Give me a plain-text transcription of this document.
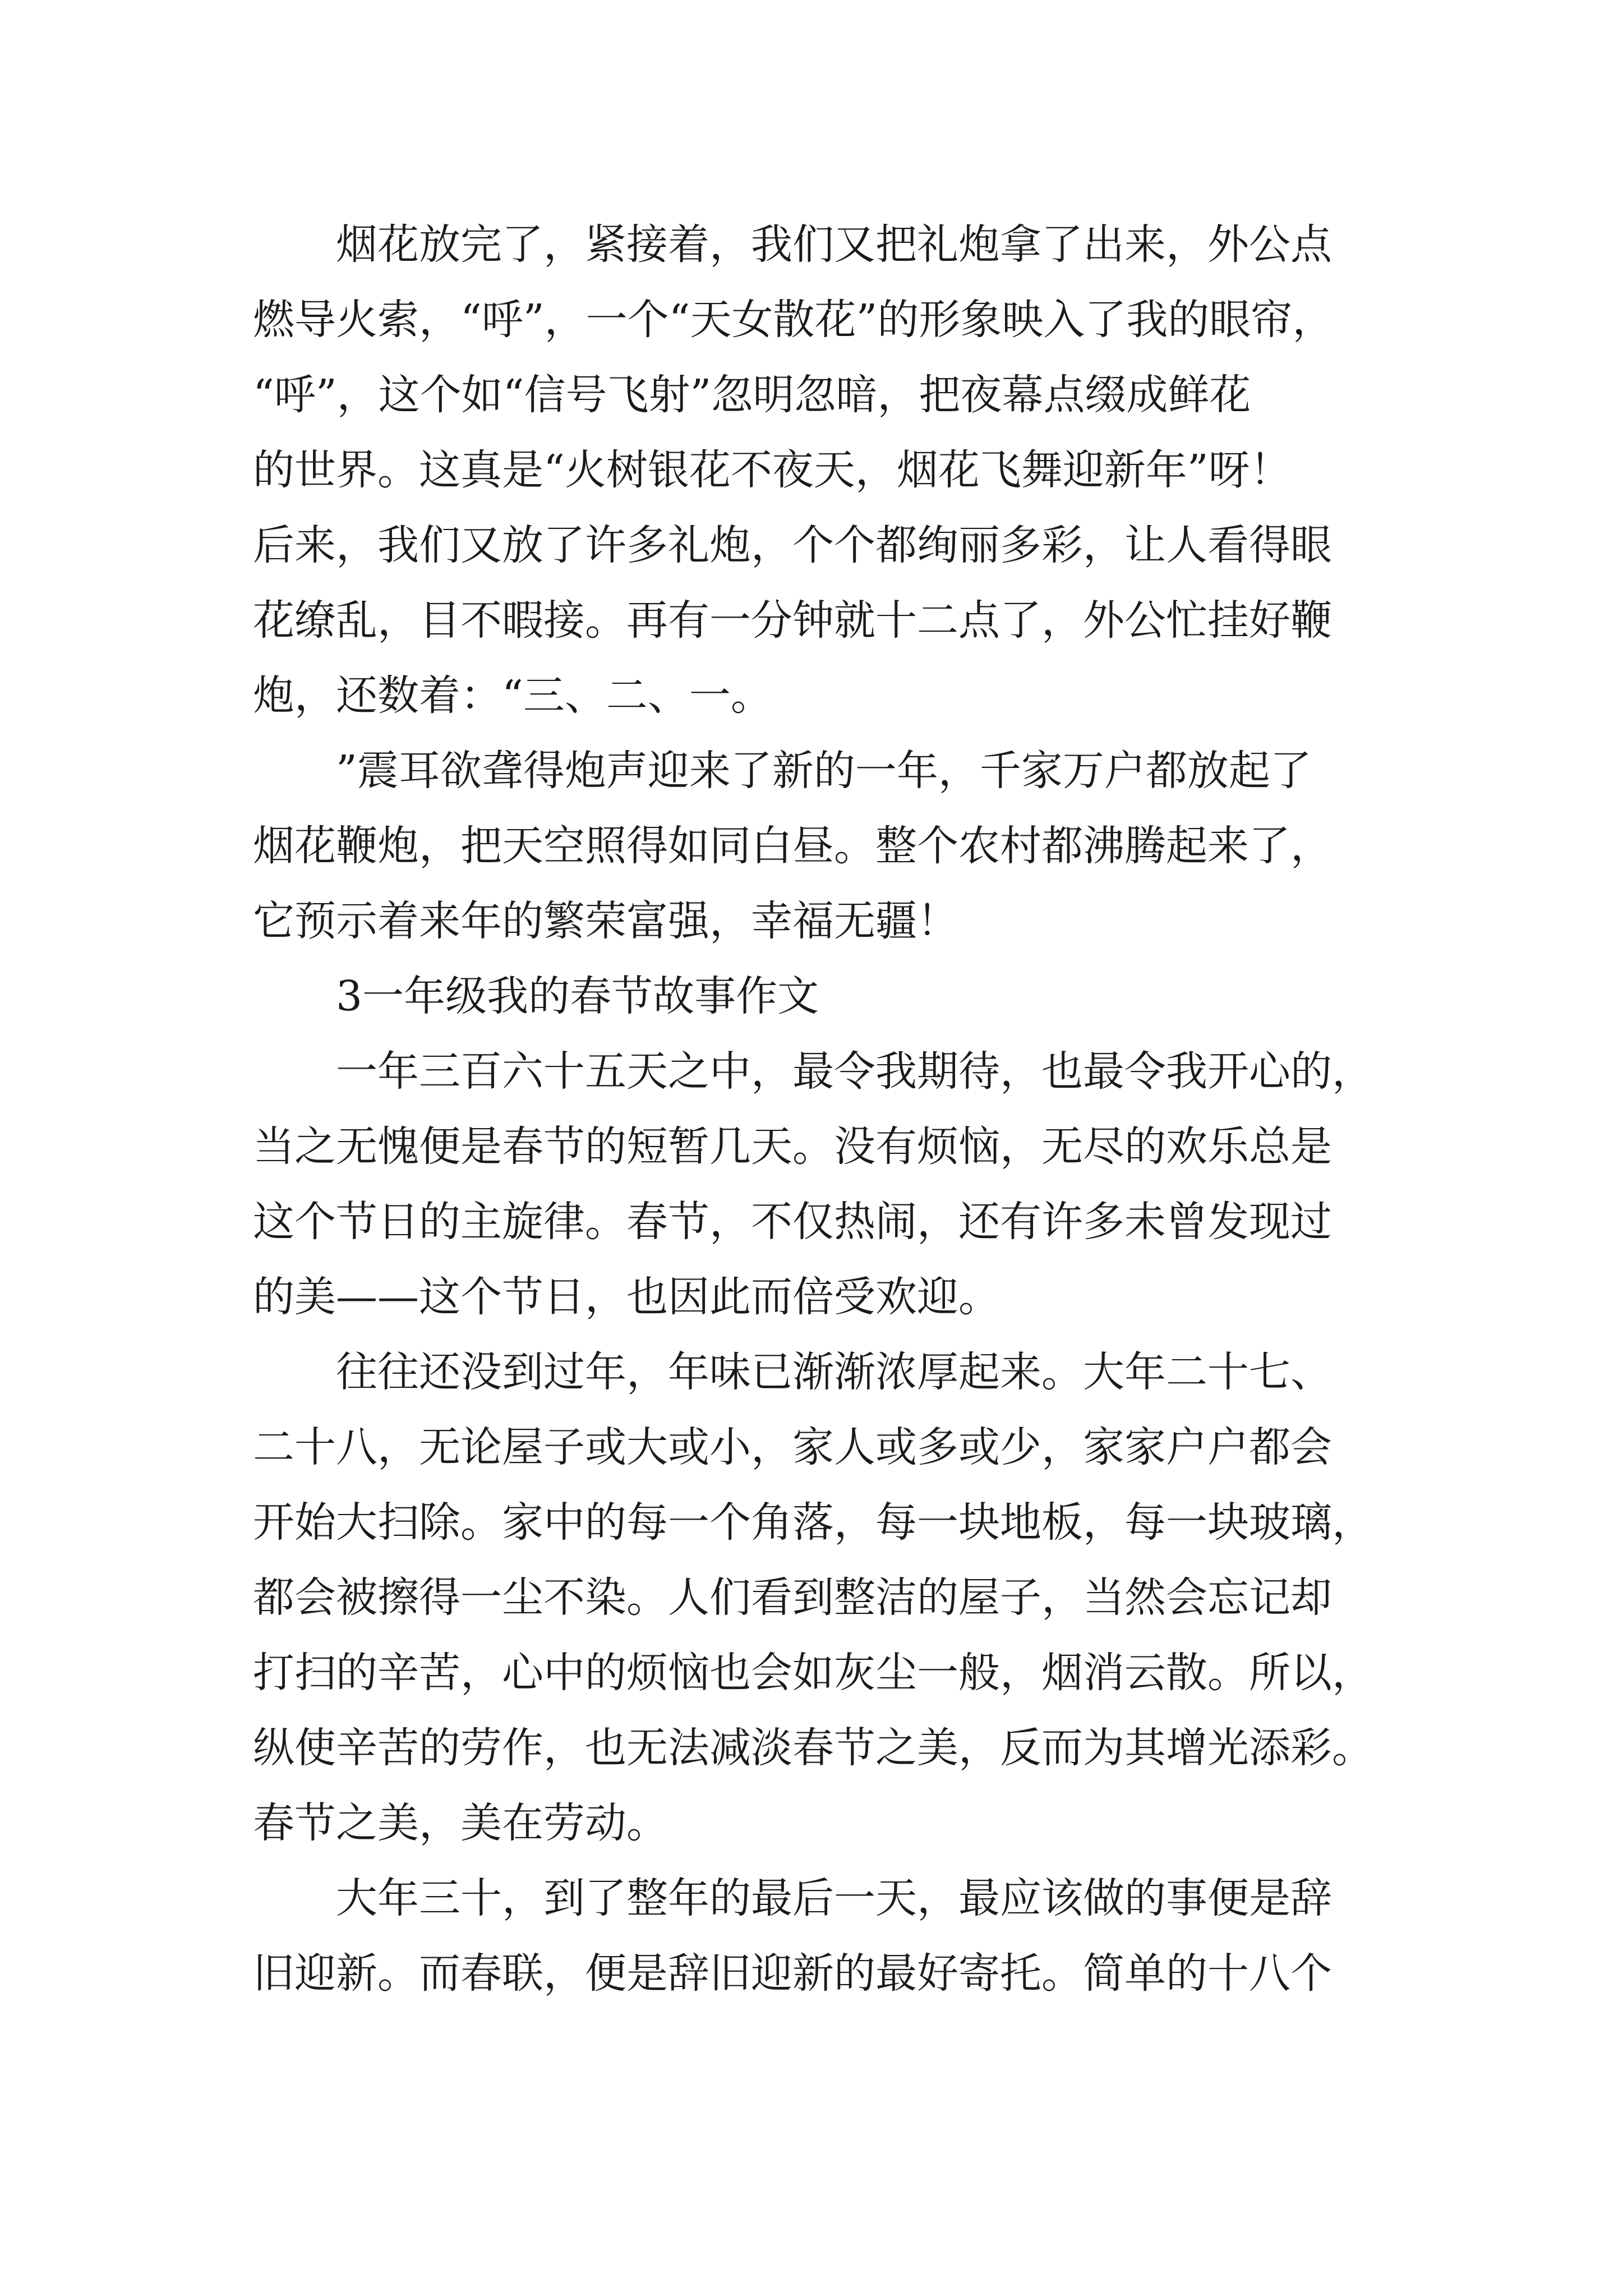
烟花放完了，紧接着，我们又把礼炮拿了出来，外公点
燃导火索，“呼”，一个“天女散花”的形象映入了我的眼帘，
“呼”，这个如“信号飞射”忽明忽暗，把夜幕点缀成鲜花
的世界。这真是“火树银花不夜天，烟花飞舞迎新年”呀！
后来，我们又放了许多礼炮，个个都绚丽多彩，让人看得眼
花缭乱，目不暇接。再有一分钟就十二点了，外公忙挂好鞭
炮，还数着：“三、二、一。
”震耳欲聋得炮声迎来了新的一年，千家万户都放起了
烟花鞭炮，把天空照得如同白昼。整个农村都沸腾起来了，
它预示着来年的繁荣富强，幸福无疆！
3一年级我的春节故事作文
一年三百六十五天之中，最令我期待，也最令我开心的，
当之无愧便是春节的短暂几天。没有烦恼，无尽的欢乐总是
这个节日的主旋律。春节，不仅热闹，还有许多未曾发现过
的美——这个节日，也因此而倍受欢迎。
往往还没到过年，年味已渐渐浓厚起来。大年二十七、
二十八，无论屋子或大或小，家人或多或少，家家户户都会
开始大扫除。家中的每一个角落，每一块地板，每一块玻璃，
都会被擦得一尘不染。人们看到整洁的屋子，当然会忘记却
打扫的辛苦，心中的烦恼也会如灰尘一般，烟消云散。所以，
纵使辛苦的劳作，也无法减淡春节之美，反而为其增光添彩。
春节之美，美在劳动。
大年三十，到了整年的最后一天，最应该做的事便是辞
旧迎新。而春联，便是辞旧迎新的最好寄托。简单的十八个
